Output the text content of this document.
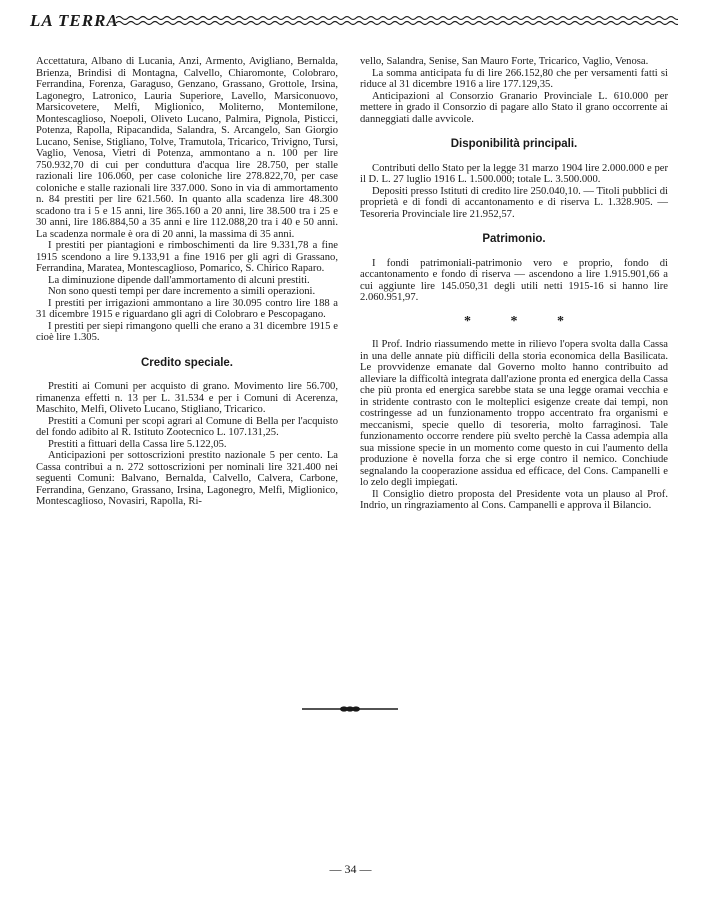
LA TERRA

Accettatura, Albano di Lucania, Anzi, Armento, Avigliano, Bernalda, Brienza, Brindisi di Montagna, Calvello, Chiaromonte, Colobraro, Ferrandina, Forenza, Garaguso, Genzano, Grassano, Grottole, Irsina, Lagonegro, Latronico, Lauria Superiore, Lavello, Marsiconuovo, Marsicovetere, Melfi, Miglionico, Moliterno, Montemilone, Montescaglioso, Noepoli, Oliveto Lucano, Palmira, Pignola, Pisticci, Potenza, Rapolla, Ripacandida, Salandra, S. Arcangelo, San Giorgio Lucano, Senise, Stigliano, Tolve, Tramutola, Tricarico, Trivigno, Tursi, Vaglio, Venosa, Vietri di Potenza, ammontano a n. 100 per lire 750.932,70 di cui per conduttura d'acqua lire 28.750, per stalle razionali lire 106.060, per case coloniche lire 278.822,70, per case coloniche e stalle razionali lire 337.000. Sono in via di ammortamento n. 84 prestiti per lire 621.560. In quanto alla scadenza lire 48.300 scadono tra i 5 e 15 anni, lire 365.160 a 20 anni, lire 38.500 tra i 25 e 30 anni, lire 186.884,50 a 35 anni e lire 112.088,20 tra i 40 e 50 anni. La scadenza normale è ora di 20 anni, la massima di 35 anni.

I prestiti per piantagioni e rimboschimenti da lire 9.331,78 a fine 1915 scendono a lire 9.133,91 a fine 1916 per gli agri di Grassano, Ferrandina, Maratea, Montescaglioso, Pomarico, S. Chirico Raparo.

La diminuzione dipende dall'ammortamento di alcuni prestiti.

Non sono questi tempi per dare incremento a simili operazioni.

I prestiti per irrigazioni ammontano a lire 30.095 contro lire 188 a 31 dicembre 1915 e riguardano gli agri di Colobraro e Pescopagano.

I prestiti per siepi rimangono quelli che erano a 31 dicembre 1915 e cioè lire 1.305.

Credito speciale.

Prestiti ai Comuni per acquisto di grano. Movimento lire 56.700, rimanenza effetti n. 13 per L. 31.534 e per i Comuni di Acerenza, Maschito, Melfi, Oliveto Lucano, Stigliano, Tricarico.

Prestiti a Comuni per scopi agrari al Comune di Bella per l'acquisto del fondo adibito al R. Istituto Zootecnico L. 107.131,25.

Prestiti a fittuari della Cassa lire 5.122,05.

Anticipazioni per sottoscrizioni prestito nazionale 5 per cento. La Cassa contribuì a n. 272 sottoscrizioni per nominali lire 321.400 nei seguenti Comuni: Balvano, Bernalda, Calvello, Calvera, Carbone, Ferrandina, Genzano, Grassano, Irsina, Lagonegro, Melfi, Miglionico, Montescaglioso, Novasiri, Rapolla, Ri-

vello, Salandra, Senise, San Mauro Forte, Tricarico, Vaglio, Venosa.

La somma anticipata fu di lire 266.152,80 che per versamenti fatti si riduce al 31 dicembre 1916 a lire 177.129,35.

Anticipazioni al Consorzio Granario Provinciale L. 610.000 per mettere in grado il Consorzio di pagare allo Stato il grano occorrente ai danneggiati dalle avvicole.

Disponibilità principali.

Contributi dello Stato per la legge 31 marzo 1904 lire 2.000.000 e per il D. L. 27 luglio 1916 L. 1.500.000; totale L. 3.500.000.

Depositi presso Istituti di credito lire 250.040,10. — Titoli pubblici di proprietà e di fondi di accantonamento e di riserva L. 1.328.905. — Tesoreria Provinciale lire 21.952,57.

Patrimonio.

I fondi patrimoniali-patrimonio vero e proprio, fondo di accantonamento e fondo di riserva — ascendono a lire 1.915.901,66 a cui aggiunte lire 145.050,31 degli utili netti 1915-16 si hanno lire 2.060.951,97.

* * *

Il Prof. Indrio riassumendo mette in rilievo l'opera svolta dalla Cassa in una delle annate più difficili della storia economica della Basilicata. Le provvidenze emanate dal Governo molto hanno contribuito ad alleviare la difficoltà integrata dall'azione pronta ed energica della Cassa che più pronta ed energica sarebbe stata se una legge oramai vecchia e in stridente contrasto con le molteplici esigenze create dai tempi, non costringesse ad un funzionamento troppo accentrato fra organismi e meccanismi, specie quello di tesoreria, molto farraginosi. Tale funzionamento occorre rendere più svelto perchè la Cassa adempia alla sua missione specie in un momento come questo in cui l'aumento della produzione è novella forza che si erge contro il nemico. Conchiude segnalando la cooperazione assidua ed efficace, del Cons. Campanelli e lo zelo degli impiegati.

Il Consiglio dietro proposta del Presidente vota un plauso al Prof. Indrio, un ringraziamento al Cons. Campanelli e approva il Bilancio.

— 34 —
